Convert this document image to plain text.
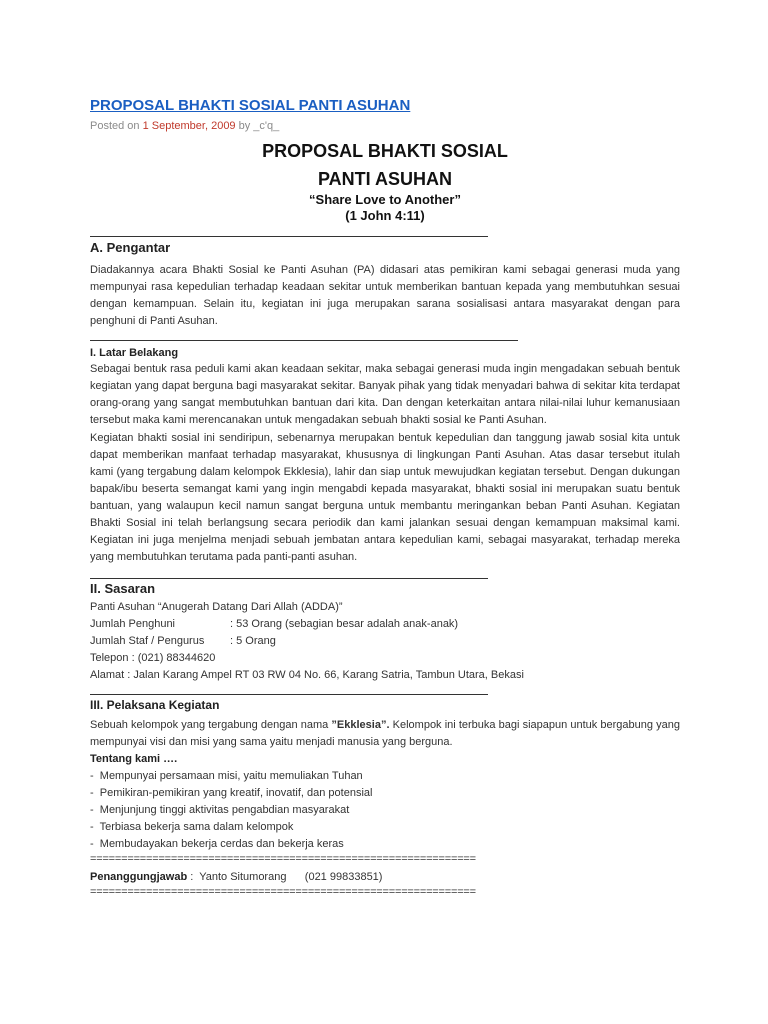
PROPOSAL BHAKTI SOSIAL PANTI ASUHAN
Posted on 1 September, 2009 by _c'q_
PROPOSAL BHAKTI SOSIAL
PANTI ASUHAN
“Share Love to Another”
(1 John 4:11)
A. Pengantar
Diadakannya acara Bhakti Sosial ke Panti Asuhan (PA) didasari atas pemikiran kami sebagai generasi muda yang mempunyai rasa kepedulian terhadap keadaan sekitar untuk memberikan bantuan kepada yang membutuhkan sesuai dengan kemampuan. Selain itu, kegiatan ini juga merupakan sarana sosialisasi antara masyarakat dengan para penghuni di Panti Asuhan.
I. Latar Belakang
Sebagai bentuk rasa peduli kami akan keadaan sekitar, maka sebagai generasi muda ingin mengadakan sebuah bentuk kegiatan yang dapat berguna bagi masyarakat sekitar. Banyak pihak yang tidak menyadari bahwa di sekitar kita terdapat orang-orang yang sangat membutuhkan bantuan dari kita. Dan dengan keterkaitan antara nilai-nilai luhur kemanusiaan tersebut maka kami merencanakan untuk mengadakan sebuah bhakti sosial ke Panti Asuhan.
Kegiatan bhakti sosial ini sendiripun, sebenarnya merupakan bentuk kepedulian dan tanggung jawab sosial kita untuk dapat memberikan manfaat terhadap masyarakat, khususnya di lingkungan Panti Asuhan. Atas dasar tersebut itulah kami (yang tergabung dalam kelompok Ekklesia), lahir dan siap untuk mewujudkan kegiatan tersebut. Dengan dukungan bapak/ibu beserta semangat kami yang ingin mengabdi kepada masyarakat, bhakti sosial ini merupakan suatu bentuk bantuan, yang walaupun kecil namun sangat berguna untuk membantu meringankan beban Panti Asuhan. Kegiatan Bhakti Sosial ini telah berlangsung secara periodik dan kami jalankan sesuai dengan kemampuan maksimal kami. Kegiatan ini juga menjelma menjadi sebuah jembatan antara kepedulian kami, sebagai masyarakat, terhadap mereka yang membutuhkan terutama pada panti-panti asuhan.
II. Sasaran
Panti Asuhan “Anugerah Datang Dari Allah (ADDA)”
Jumlah Penghuni	: 53 Orang (sebagian besar adalah anak-anak)
Jumlah Staf / Pengurus : 5 Orang
Telepon : (021) 88344620
Alamat : Jalan Karang Ampel RT 03 RW 04 No. 66, Karang Satria, Tambun Utara, Bekasi
III. Pelaksana Kegiatan
Sebuah kelompok yang tergabung dengan nama ”Ekklesia”. Kelompok ini terbuka bagi siapapun untuk bergabung yang mempunyai visi dan misi yang sama yaitu menjadi manusia yang berguna.
Tentang kami ….
-  Mempunyai persamaan misi, yaitu memuliakan Tuhan
-  Pemikiran-pemikiran yang kreatif, inovatif, dan potensial
-  Menjunjung tinggi aktivitas pengabdian masyarakat
-  Terbiasa bekerja sama dalam kelompok
-  Membudayakan bekerja cerdas dan bekerja keras
==============================================================
Penanggungjawab :  Yanto Situmorang      (021 99833851)
==============================================================
